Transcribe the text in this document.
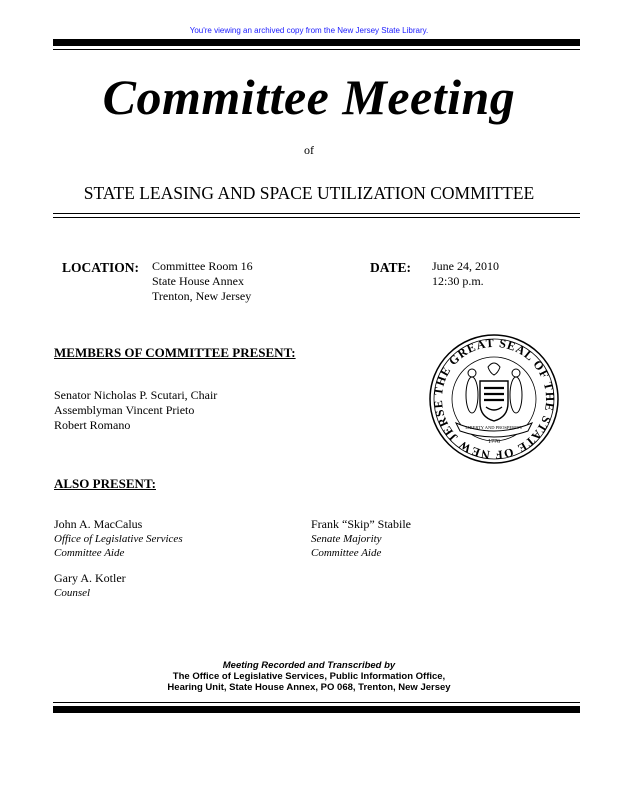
You're viewing an archived copy from the New Jersey State Library.
Committee Meeting
of
STATE LEASING AND SPACE UTILIZATION COMMITTEE
LOCATION: Committee Room 16
State House Annex
Trenton, New Jersey
DATE: June 24, 2010
12:30 p.m.
MEMBERS OF COMMITTEE PRESENT:
Senator Nicholas P. Scutari, Chair
Assemblyman Vincent Prieto
Robert Romano
THE GREAT SEAL OF THE STATE OF NEW JERSE
LIBERTY AND PROSPERITY
1776
ALSO PRESENT:
John A. MacCalus
Office of Legislative Services
Committee Aide
Frank “Skip” Stabile
Senate Majority
Committee Aide
Gary A. Kotler
Counsel
Meeting Recorded and Transcribed by
The Office of Legislative Services, Public Information Office,
Hearing Unit, State House Annex, PO 068, Trenton, New Jersey
